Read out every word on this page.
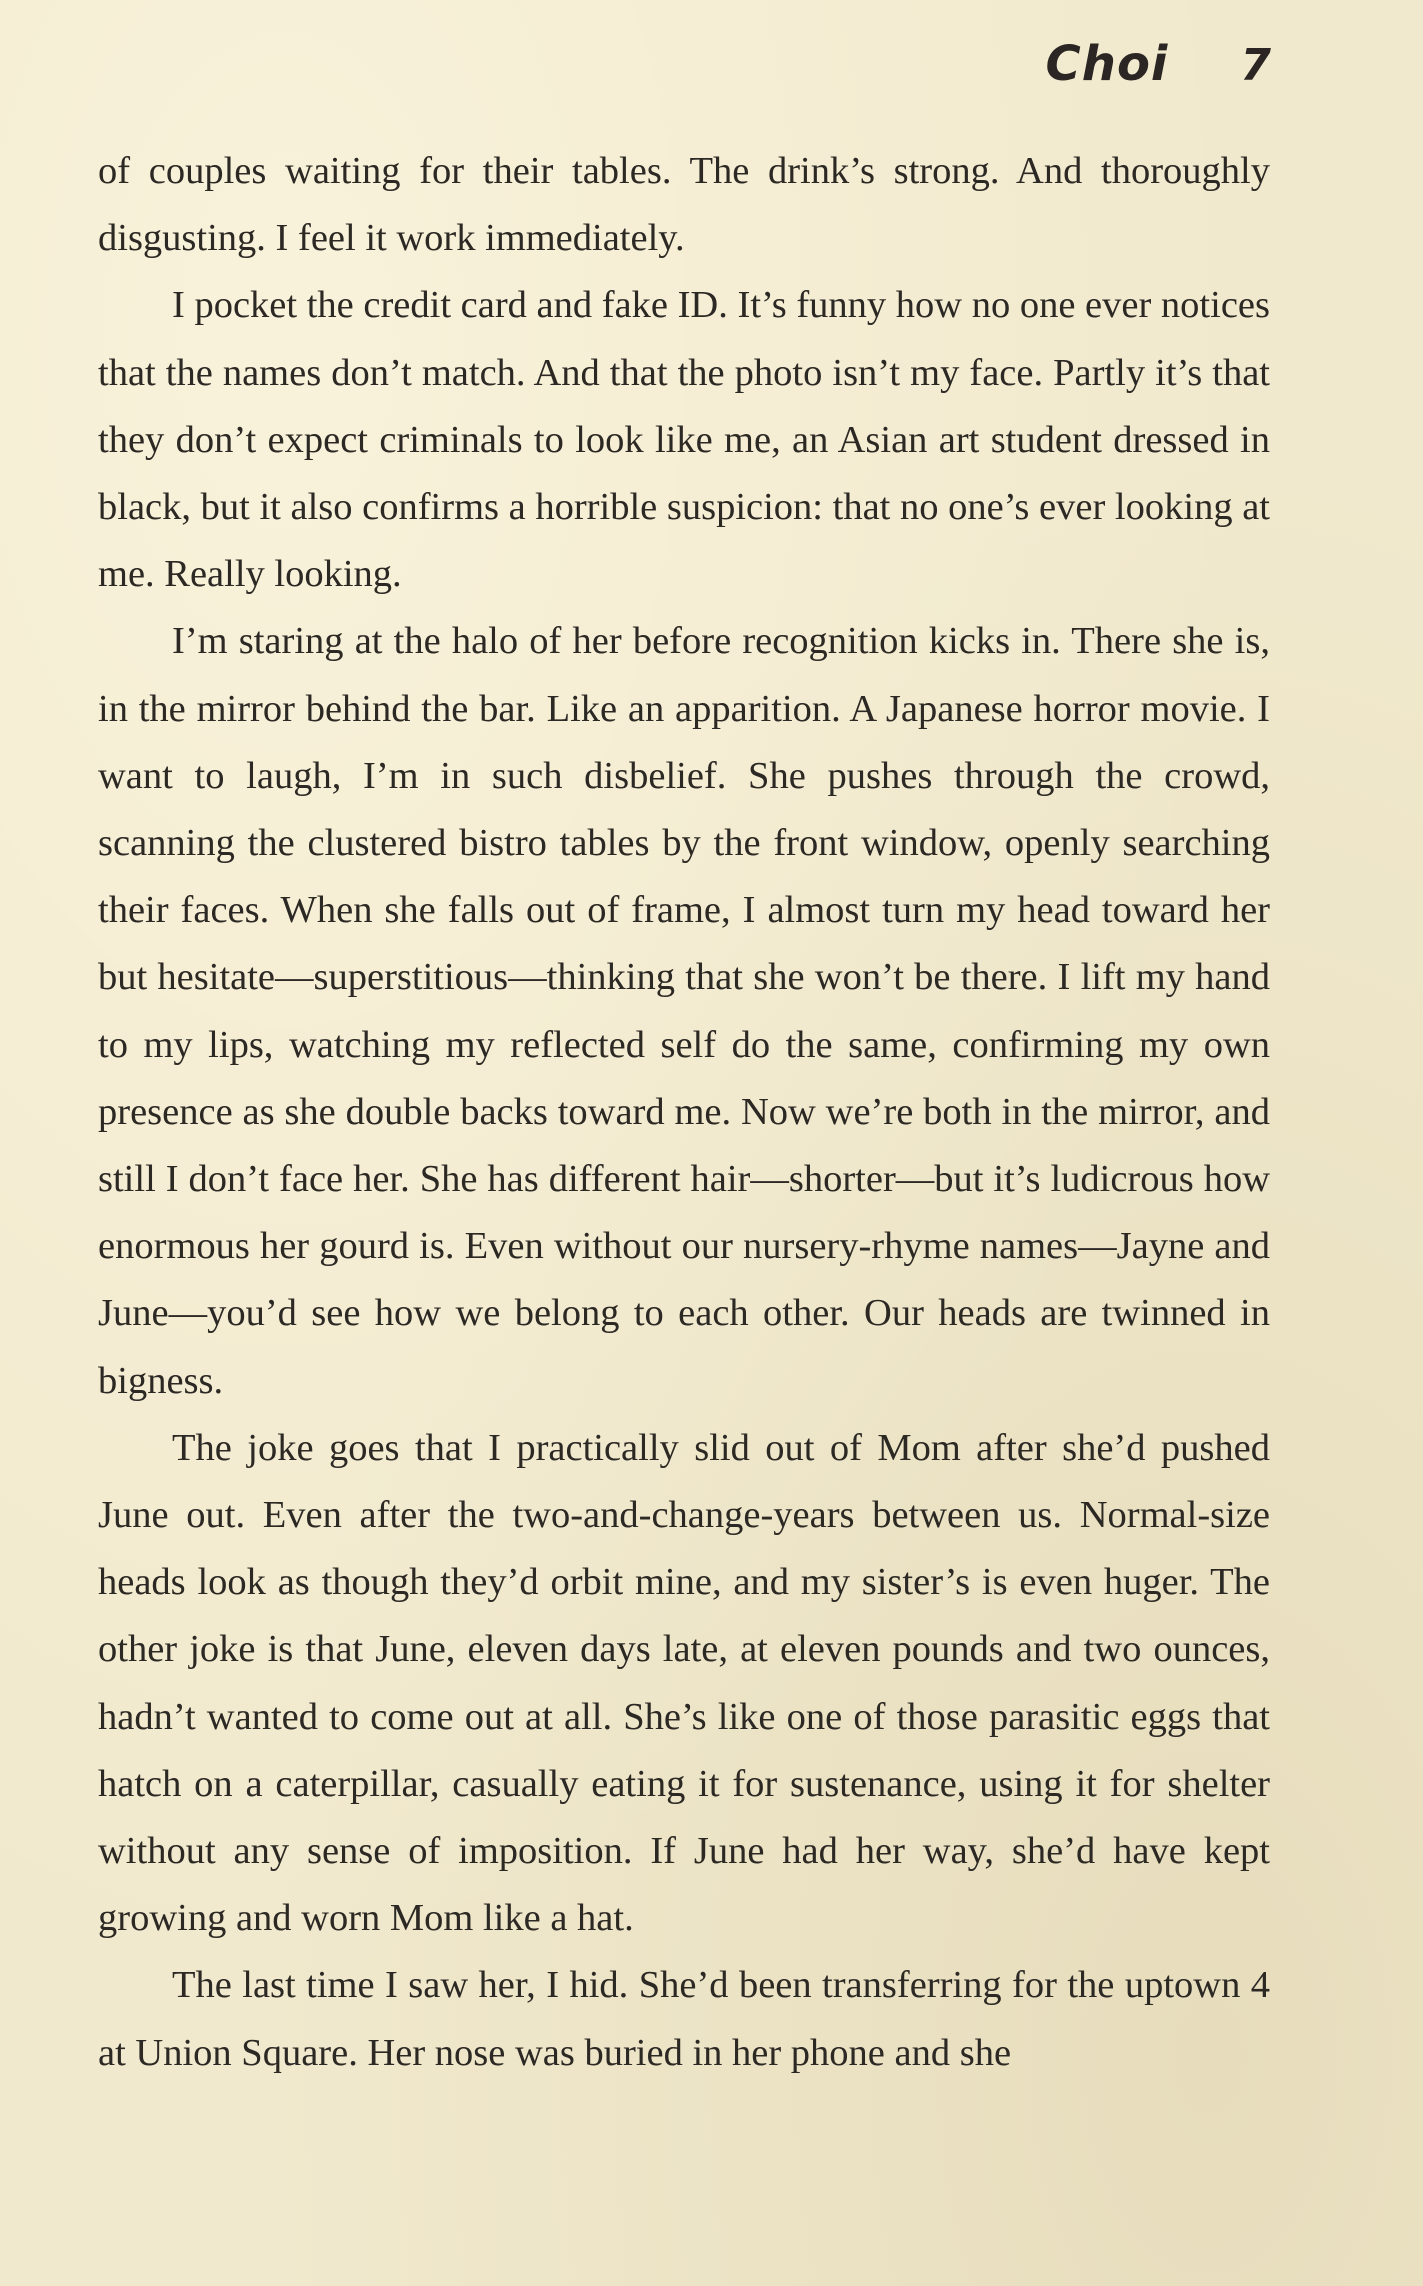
Choi 7

of couples waiting for their tables. The drink’s strong. And thoroughly disgusting. I feel it work immediately.

I pocket the credit card and fake ID. It’s funny how no one ever notices that the names don’t match. And that the photo isn’t my face. Partly it’s that they don’t expect criminals to look like me, an Asian art student dressed in black, but it also confirms a horrible suspicion: that no one’s ever looking at me. Really looking.

I’m staring at the halo of her before recognition kicks in. There she is, in the mirror behind the bar. Like an apparition. A Japanese horror movie. I want to laugh, I’m in such disbelief. She pushes through the crowd, scanning the clustered bistro tables by the front window, openly searching their faces. When she falls out of frame, I almost turn my head toward her but hesitate—superstitious—thinking that she won’t be there. I lift my hand to my lips, watching my reflected self do the same, confirming my own presence as she double backs toward me. Now we’re both in the mirror, and still I don’t face her. She has different hair—shorter—but it’s ludicrous how enormous her gourd is. Even without our nursery-rhyme names—Jayne and June—you’d see how we belong to each other. Our heads are twinned in bigness.

The joke goes that I practically slid out of Mom after she’d pushed June out. Even after the two-and-change-years between us. Normal-size heads look as though they’d orbit mine, and my sister’s is even huger. The other joke is that June, eleven days late, at eleven pounds and two ounces, hadn’t wanted to come out at all. She’s like one of those parasitic eggs that hatch on a caterpillar, casually eating it for sustenance, using it for shelter without any sense of imposition. If June had her way, she’d have kept growing and worn Mom like a hat.

The last time I saw her, I hid. She’d been transferring for the uptown 4 at Union Square. Her nose was buried in her phone and she
